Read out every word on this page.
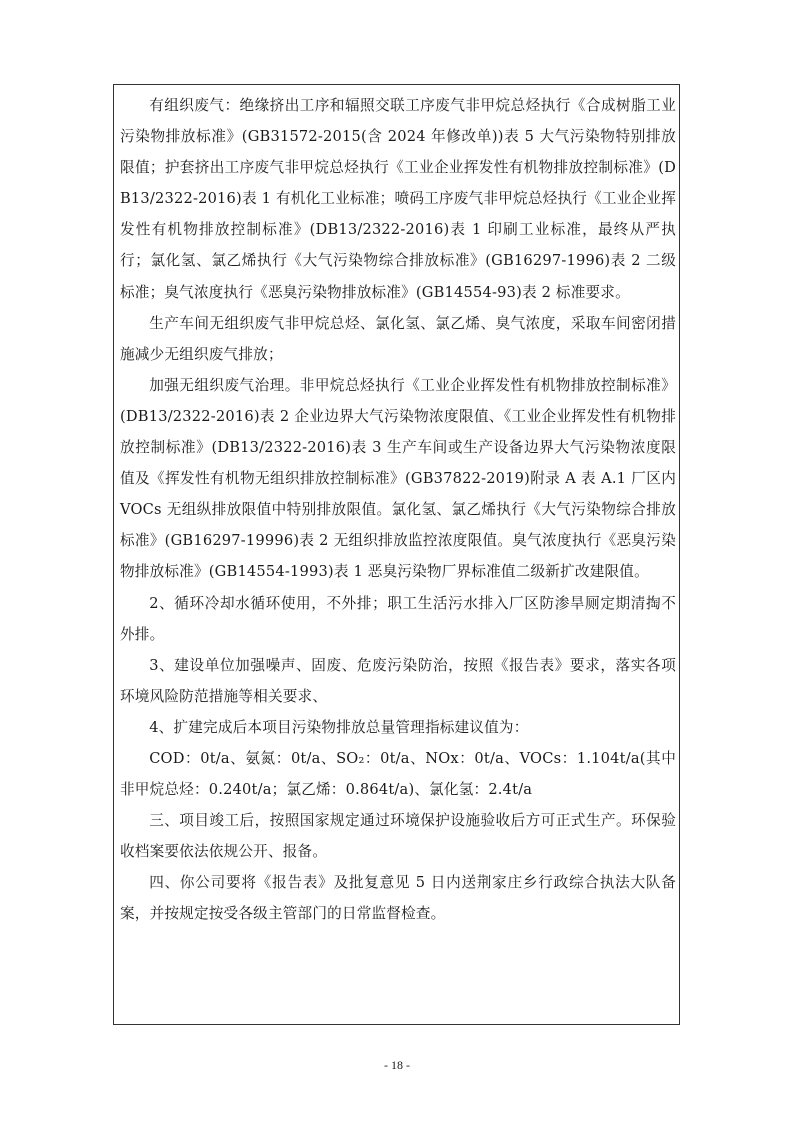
有组织废气：绝缘挤出工序和辐照交联工序废气非甲烷总烃执行《合成树脂工业污染物排放标准》(GB31572-2015(含 2024 年修改单))表 5 大气污染物特别排放限值；护套挤出工序废气非甲烷总烃执行《工业企业挥发性有机物排放控制标准》(DB13/2322-2016)表 1 有机化工业标准；喷码工序废气非甲烷总烃执行《工业企业挥发性有机物排放控制标准》(DB13/2322-2016)表 1 印刷工业标准，最终从严执行；氯化氢、氯乙烯执行《大气污染物综合排放标准》(GB16297-1996)表 2 二级标准；臭气浓度执行《恶臭污染物排放标准》(GB14554-93)表 2 标准要求。

生产车间无组织废气非甲烷总烃、氯化氢、氯乙烯、臭气浓度，采取车间密闭措施减少无组织废气排放；

加强无组织废气治理。非甲烷总烃执行《工业企业挥发性有机物排放控制标准》(DB13/2322-2016)表 2 企业边界大气污染物浓度限值、《工业企业挥发性有机物排放控制标准》(DB13/2322-2016)表 3 生产车间或生产设备边界大气污染物浓度限值及《挥发性有机物无组织排放控制标准》(GB37822-2019)附录 A 表 A.1 厂区内 VOCs 无组纵排放限值中特别排放限值。氯化氢、氯乙烯执行《大气污染物综合排放标准》(GB16297-19996)表 2 无组织排放监控浓度限值。臭气浓度执行《恶臭污染物排放标准》(GB14554-1993)表 1 恶臭污染物厂界标准值二级新扩改建限值。

2、循环冷却水循环使用，不外排；职工生活污水排入厂区防渗旱厕定期清掏不外排。

3、建设单位加强噪声、固废、危废污染防治，按照《报告表》要求，落实各项环境风险防范措施等相关要求、

4、扩建完成后本项目污染物排放总量管理指标建议值为：

COD：0t/a、氨氮：0t/a、SO₂：0t/a、NOx：0t/a、VOCs：1.104t/a(其中非甲烷总烃：0.240t/a；氯乙烯：0.864t/a)、氯化氢：2.4t/a

三、项目竣工后，按照国家规定通过环境保护设施验收后方可正式生产。环保验收档案要依法依规公开、报备。

四、你公司要将《报告表》及批复意见 5 日内送荆家庄乡行政综合执法大队备案，并按规定按受各级主管部门的日常监督检查。

- 18 -
